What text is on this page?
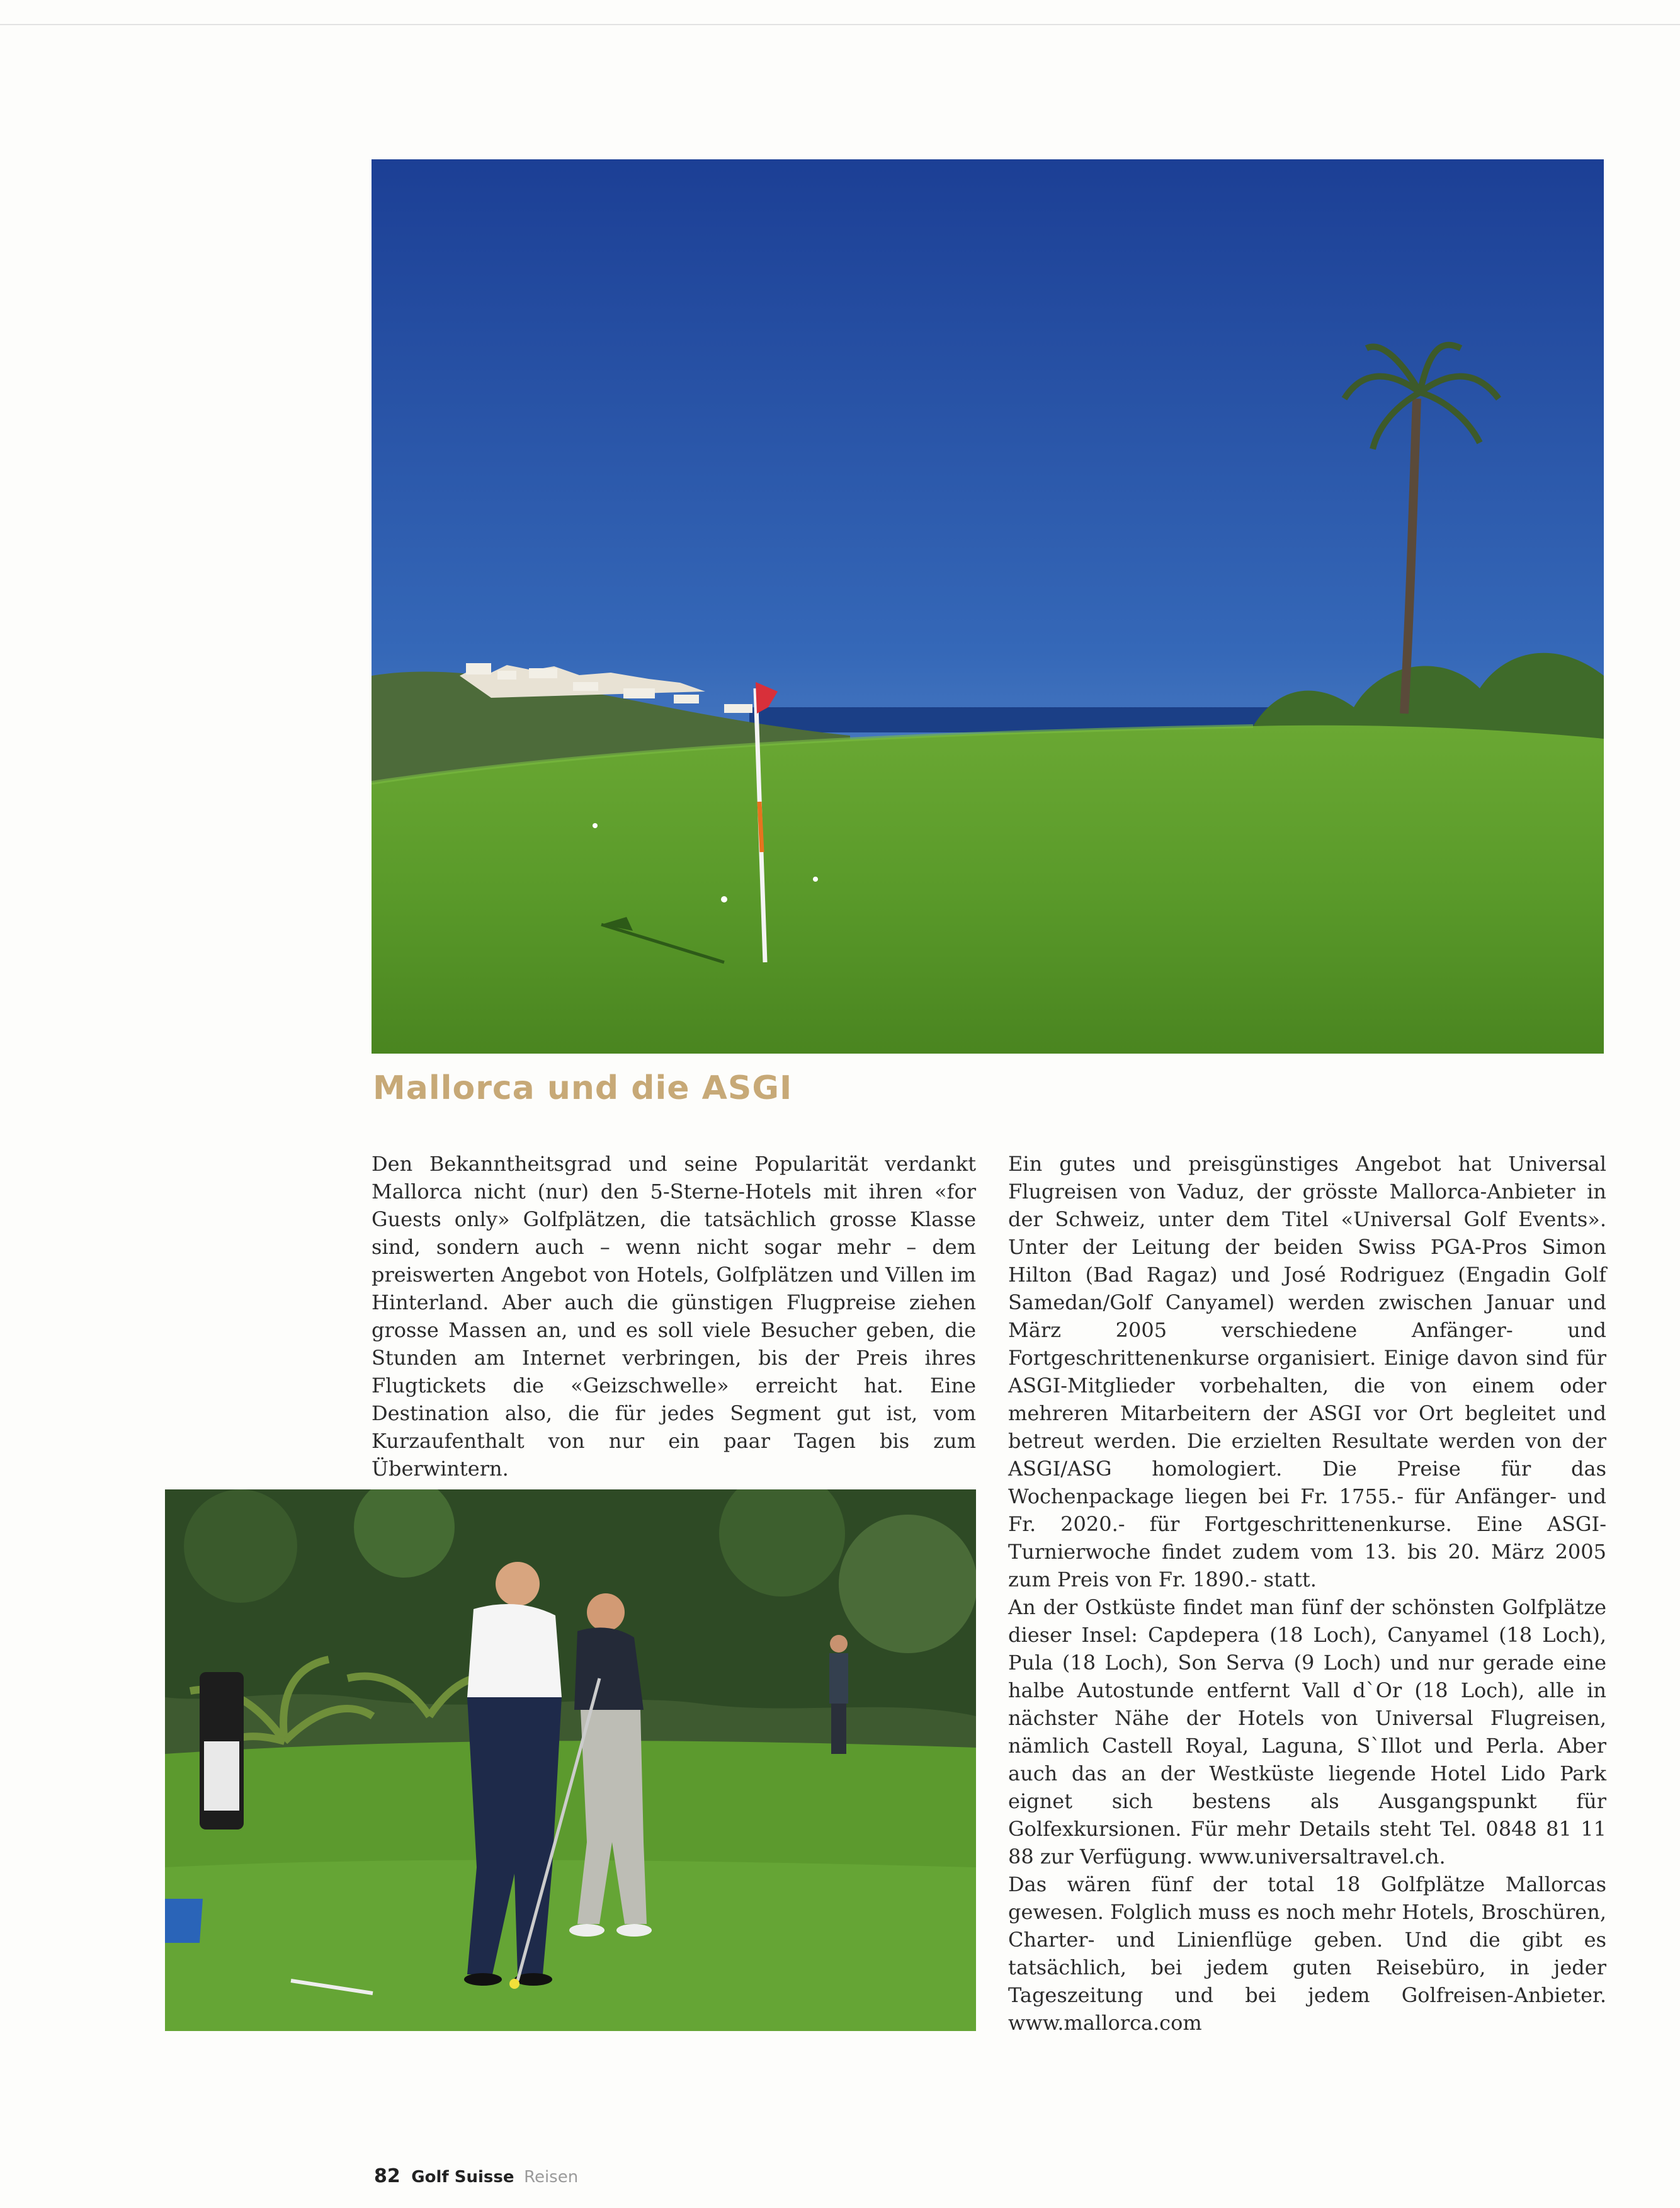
Mallorca und die ASGI

Den Bekanntheitsgrad und seine Popularität verdankt Mallorca nicht (nur) den 5-Sterne-Hotels mit ihren «for Guests only» Golfplätzen, die tatsächlich grosse Klasse sind, sondern auch – wenn nicht sogar mehr – dem preiswerten Angebot von Hotels, Golfplätzen und Villen im Hinterland. Aber auch die günstigen Flugpreise ziehen grosse Massen an, und es soll viele Besucher geben, die Stunden am Internet verbringen, bis der Preis ihres Flugtickets die «Geizschwelle» erreicht hat. Eine Destination also, die für jedes Segment gut ist, vom Kurzaufenthalt von nur ein paar Tagen bis zum Überwintern.

Ein gutes und preisgünstiges Angebot hat Universal Flugreisen von Vaduz, der grösste Mallorca-Anbieter in der Schweiz, unter dem Titel «Universal Golf Events». Unter der Leitung der beiden Swiss PGA-Pros Simon Hilton (Bad Ragaz) und José Rodriguez (Engadin Golf Samedan/Golf Canyamel) werden zwischen Januar und März 2005 verschiedene Anfänger- und Fortgeschrittenenkurse organisiert. Einige davon sind für ASGI-Mitglieder vorbehalten, die von einem oder mehreren Mitarbeitern der ASGI vor Ort begleitet und betreut werden. Die erzielten Resultate werden von der ASGI/ASG homologiert. Die Preise für das Wochenpackage liegen bei Fr. 1755.- für Anfänger- und Fr. 2020.- für Fortgeschrittenenkurse. Eine ASGI-Turnierwoche findet zudem vom 13. bis 20. März 2005 zum Preis von Fr. 1890.- statt.

An der Ostküste findet man fünf der schönsten Golfplätze dieser Insel: Capdepera (18 Loch), Canyamel (18 Loch), Pula (18 Loch), Son Serva (9 Loch) und nur gerade eine halbe Autostunde entfernt Vall d`Or (18 Loch), alle in nächster Nähe der Hotels von Universal Flugreisen, nämlich Castell Royal, Laguna, S`Illot und Perla. Aber auch das an der Westküste liegende Hotel Lido Park eignet sich bestens als Ausgangspunkt für Golfexkursionen. Für mehr Details steht Tel. 0848 81 11 88 zur Verfügung. www.universaltravel.ch.

Das wären fünf der total 18 Golfplätze Mallorcas gewesen. Folglich muss es noch mehr Hotels, Broschüren, Charter- und Linienflüge geben. Und die gibt es tatsächlich, bei jedem guten Reisebüro, in jeder Tageszeitung und bei jedem Golfreisen-Anbieter. www.mallorca.com

82 Golf Suisse Reisen
